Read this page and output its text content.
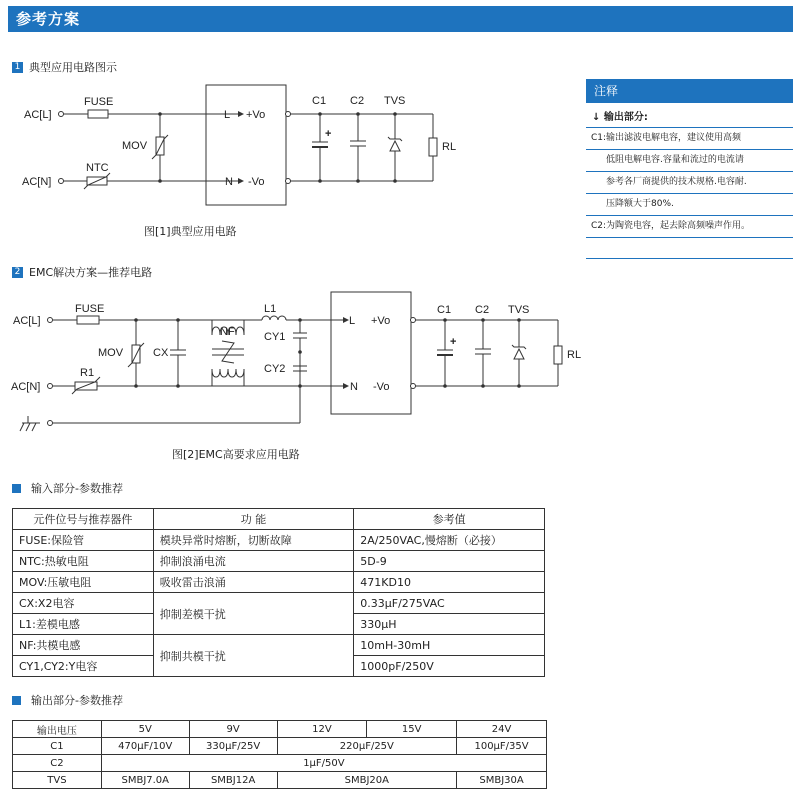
参考方案
1 典型应用电路图示
AC[L]
AC[N]
FUSE
MOV
NTC
L
N
+Vo
-Vo
C1 C2 TVS
RL
+
图[1]典型应用电路
2 EMC解决方案—推荐电路
AC[L]
AC[N]
FUSE
MOV
R1
CX
NF
L1
CY1
CY2
L
N
+Vo
-Vo
C1 C2 TVS
RL
+
图[2]EMC高要求应用电路
注释
↓ 输出部分:
C1:输出滤波电解电容，建议使用高频
低阻电解电容.容量和流过的电流请
参考各厂商提供的技术规格.电容耐.
压降额大于80%.
C2:为陶瓷电容，起去除高频噪声作用。
输入部分-参数推荐
元件位号与推荐器件	功 能	参考值
FUSE:保险管	模块异常时熔断，切断故障	2A/250VAC,慢熔断（必接）
NTC:热敏电阻	抑制浪涌电流	5D-9
MOV:压敏电阻	吸收雷击浪涌	471KD10
CX:X2电容	抑制差模干扰	0.33μF/275VAC
L1:差模电感		330μH
NF:共模电感	抑制共模干扰	10mH-30mH
CY1,CY2:Y电容		1000pF/250V
输出部分-参数推荐
输出电压	5V	9V	12V	15V	24V
C1	470μF/10V	330μF/25V	220μF/25V		100μF/35V
C2	1μF/50V				
TVS	SMBJ7.0A	SMBJ12A	SMBJ20A		SMBJ30A
